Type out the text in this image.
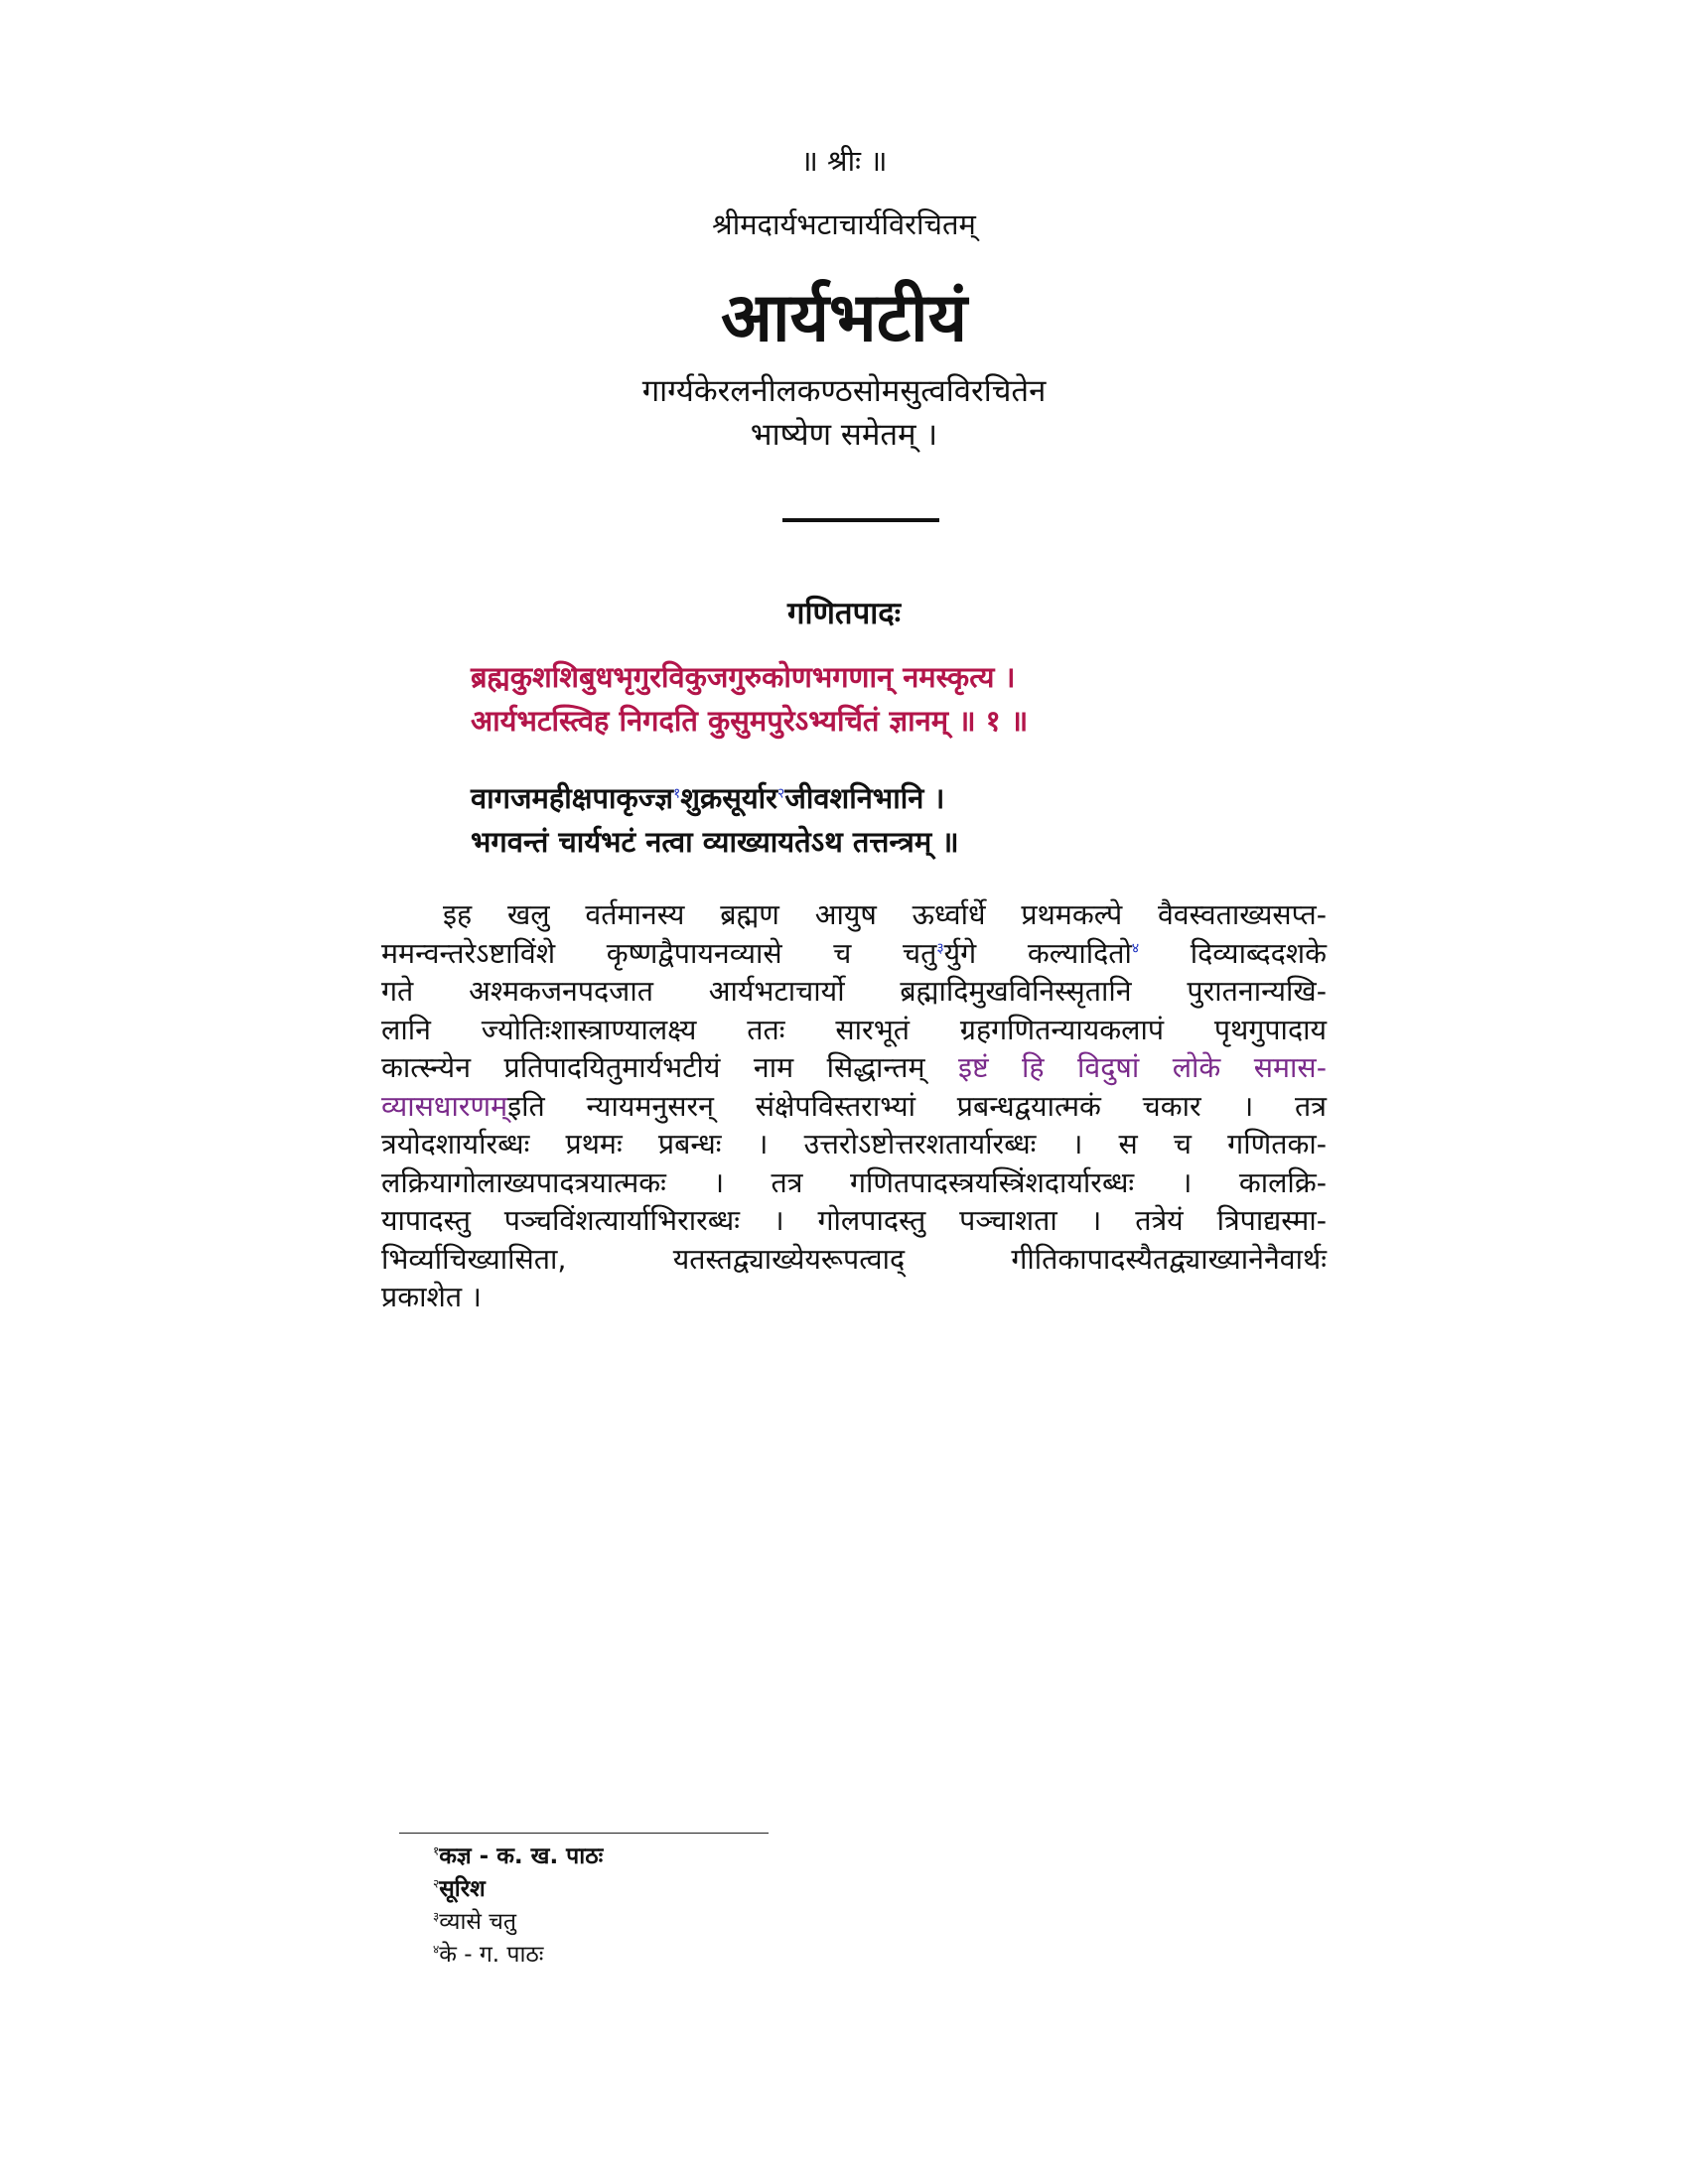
॥ श्रीः ॥
श्रीमदार्यभटाचार्यविरचितम्
आर्यभटीयं
गार्ग्यकेरलनीलकण्ठसोमसुत्वविरचितेन
भाष्येण समेतम् ।
गणितपादः
ब्रह्मकुशशिबुधभृगुरविकुजगुरुकोणभगणान् नमस्कृत्य ।
आर्यभटस्त्विह निगदति कुसुमपुरेऽभ्यर्चितं ज्ञानम् ॥ १ ॥
वागजमहीक्षपाकृज्ज्ञ$^१$शुक्रसूर्यार$^२$जीवशनिभानि ।
भगवन्तं चार्यभटं नत्वा व्याख्यायतेऽथ तत्तन्त्रम् ॥
इह खलु वर्तमानस्य ब्रह्मण आयुष ऊर्ध्वार्धे प्रथमकल्पे वैवस्वताख्यसप्त-
ममन्वन्तरेऽष्टाविंशे कृष्णद्वैपायनव्यासे च चतु$^३$र्युगे कल्यादितो$^४$ दिव्याब्ददशके
गते अश्मकजनपदजात आर्यभटाचार्यो ब्रह्मादिमुखविनिस्सृतानि पुरातनान्यखि-
लानि ज्योतिःशास्त्राण्यालक्ष्य ततः सारभूतं ग्रहगणितन्यायकलापं पृथगुपादाय
कात्स्न्येन प्रतिपादयितुमार्यभटीयं नाम सिद्धान्तम् इष्टं हि विदुषां लोके समास-
व्यासधारणम्इति न्यायमनुसरन् संक्षेपविस्तराभ्यां प्रबन्धद्वयात्मकं चकार । तत्र
त्रयोदशार्यारब्धः प्रथमः प्रबन्धः । उत्तरोऽष्टोत्तरशतार्यारब्धः । स च गणितका-
लक्रियागोलाख्यपादत्रयात्मकः । तत्र गणितपादस्त्रयस्त्रिंशदार्यारब्धः । कालक्रि-
यापादस्तु पञ्चविंशत्यार्याभिरारब्धः । गोलपादस्तु पञ्चाशता । तत्रेयं त्रिपाद्यस्मा-
भिर्व्याचिख्यासिता, यतस्तद्व्याख्येयरूपत्वाद् गीतिकापादस्यैतद्व्याख्यानेनैवार्थः
प्रकाशेत ।
$^१$कज्ञ - क. ख. पाठः
$^२$सूरिश
$^३$व्यासे चतु
$^४$के - ग. पाठः
